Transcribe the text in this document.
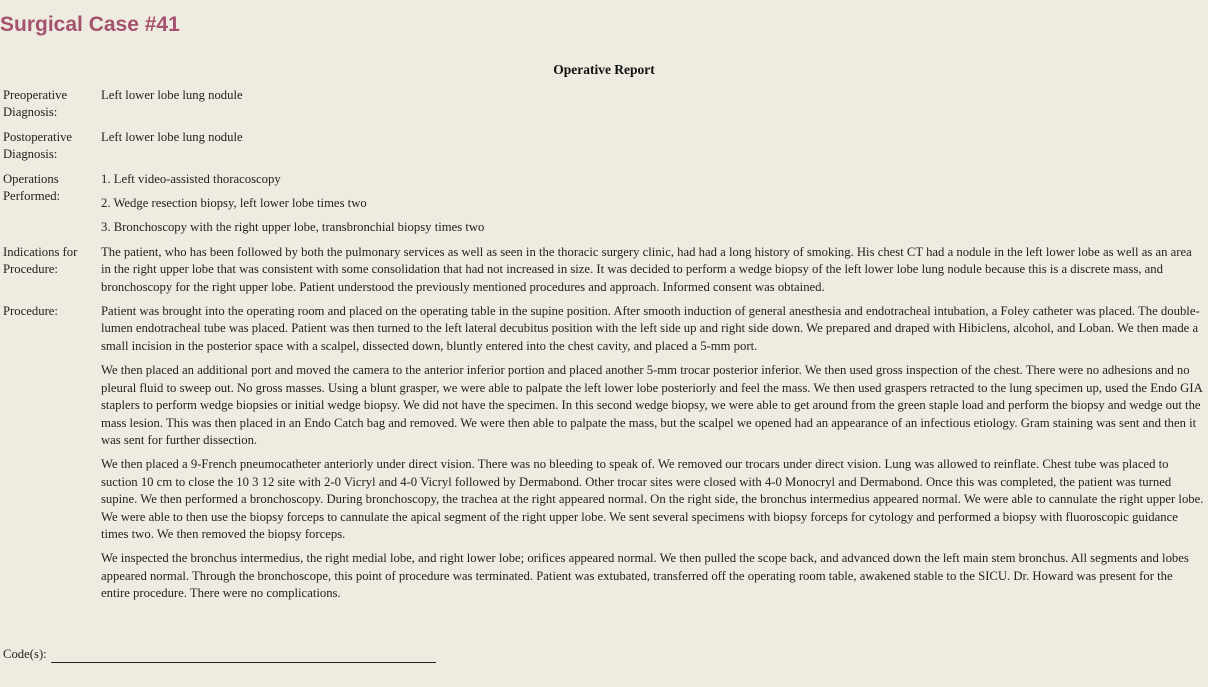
Surgical Case #41
Operative Report
Preoperative Diagnosis:

Left lower lobe lung nodule

Postoperative Diagnosis:

Left lower lobe lung nodule

Operations Performed:

1. Left video-assisted thoracoscopy

2. Wedge resection biopsy, left lower lobe times two

3. Bronchoscopy with the right upper lobe, transbronchial biopsy times two

Indications for Procedure:

The patient, who has been followed by both the pulmonary services as well as seen in the thoracic surgery clinic, had had a long history of smoking. His chest CT had a nodule in the left lower lobe as well as an area in the right upper lobe that was consistent with some consolidation that had not increased in size. It was decided to perform a wedge biopsy of the left lower lobe lung nodule because this is a discrete mass, and bronchoscopy for the right upper lobe. Patient understood the previously mentioned procedures and approach. Informed consent was obtained.

Procedure:	Patient was brought into the operating room and placed on the operating table in the supine position. After smooth induction of general anesthesia and endotracheal intubation, a Foley catheter was placed. The double-lumen endotracheal tube was placed. Patient was then turned to the left lateral decubitus position with the left side up and right side down. We prepared and draped with Hibiclens, alcohol, and Loban. We then made a small incision in the posterior space with a scalpel, dissected down, bluntly entered into the chest cavity, and placed a 5-mm port.

We then placed an additional port and moved the camera to the anterior inferior portion and placed another 5-mm trocar posterior inferior. We then used gross inspection of the chest. There were no adhesions and no pleural fluid to sweep out. No gross masses. Using a blunt grasper, we were able to palpate the left lower lobe posteriorly and feel the mass. We then used graspers retracted to the lung specimen up, used the Endo GIA staplers to perform wedge biopsies or initial wedge biopsy. We did not have the specimen. In this second wedge biopsy, we were able to get around from the green staple load and perform the biopsy and wedge out the mass lesion. This was then placed in an Endo Catch bag and removed. We were then able to palpate the mass, but the scalpel we opened had an appearance of an infectious etiology. Gram staining was sent and then it was sent for further dissection.

We then placed a 9-French pneumocatheter anteriorly under direct vision. There was no bleeding to speak of. We removed our trocars under direct vision. Lung was allowed to reinflate. Chest tube was placed to suction 10 cm to close the 10 3 12 site with 2-0 Vicryl and 4-0 Vicryl followed by Dermabond. Other trocar sites were closed with 4-0 Monocryl and Dermabond. Once this was completed, the patient was turned supine. We then performed a bronchoscopy. During bronchoscopy, the trachea at the right appeared normal. On the right side, the bronchus intermedius appeared normal. We were able to cannulate the right upper lobe. We were able to then use the biopsy forceps to cannulate the apical segment of the right upper lobe. We sent several specimens with biopsy forceps for cytology and performed a biopsy with fluoroscopic guidance times two. We then removed the biopsy forceps.

We inspected the bronchus intermedius, the right medial lobe, and right lower lobe; orifices appeared normal. We then pulled the scope back, and advanced down the left main stem bronchus. All segments and lobes appeared normal. Through the bronchoscope, this point of procedure was terminated. Patient was extubated, transferred off the operating room table, awakened stable to the SICU. Dr. Howard was present for the entire procedure. There were no complications.

Code(s):
